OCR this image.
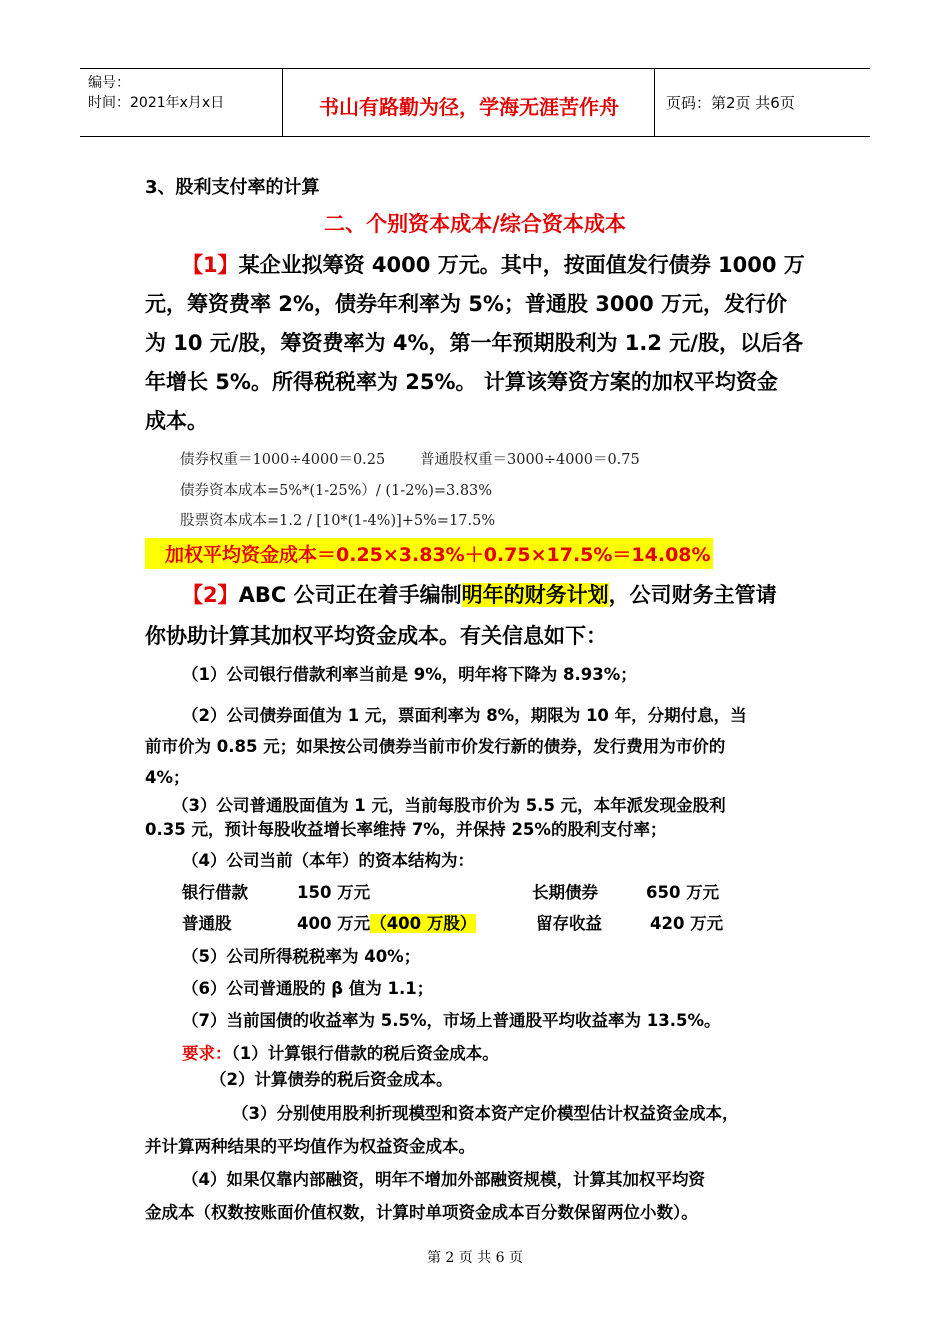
编号：
时间：2021年x月x日	书山有路勤为径，学海无涯苦作舟	页码：第2页 共6页
3、股利支付率的计算
二、个别资本成本/综合资本成本
【1】某企业拟筹资 4000 万元。其中，按面值发行债券 1000 万
元，筹资费率 2%，债券年利率为 5%；普通股 3000 万元，发行价
为 10 元/股，筹资费率为 4%，第一年预期股利为 1.2 元/股，以后各
年增长 5%。所得税税率为 25%。 计算该筹资方案的加权平均资金
成本。
债券权重＝1000÷4000＝0.25 普通股权重＝3000÷4000＝0.75
债券资本成本=5%*(1-25%）/ (1-2%)=3.83%
股票资本成本=1.2 / [10*(1-4%)]+5%=17.5%
加权平均资金成本＝0.25×3.83%＋0.75×17.5%＝14.08%
【2】ABC 公司正在着手编制明年的财务计划，公司财务主管请
你协助计算其加权平均资金成本。有关信息如下：
（1）公司银行借款利率当前是 9%，明年将下降为 8.93%；
（2）公司债券面值为 1 元，票面利率为 8%，期限为 10 年，分期付息，当
前市价为 0.85 元；如果按公司债券当前市价发行新的债券，发行费用为市价的
4%；
（3）公司普通股面值为 1 元，当前每股市价为 5.5 元，本年派发现金股利
0.35 元，预计每股收益增长率维持 7%，并保持 25%的股利支付率；
（4）公司当前（本年）的资本结构为：
银行借款	150 万元	长期债券	650 万元
普通股	400 万元（400 万股）	留存收益	420 万元
（5）公司所得税税率为 40%；
（6）公司普通股的 β 值为 1.1；
（7）当前国债的收益率为 5.5%，市场上普通股平均收益率为 13.5%。
要求：（1）计算银行借款的税后资金成本。
（2）计算债券的税后资金成本。
（3）分别使用股利折现模型和资本资产定价模型估计权益资金成本，
并计算两种结果的平均值作为权益资金成本。
（4）如果仅靠内部融资，明年不增加外部融资规模，计算其加权平均资
金成本（权数按账面价值权数，计算时单项资金成本百分数保留两位小数）。
第 2 页 共 6 页
